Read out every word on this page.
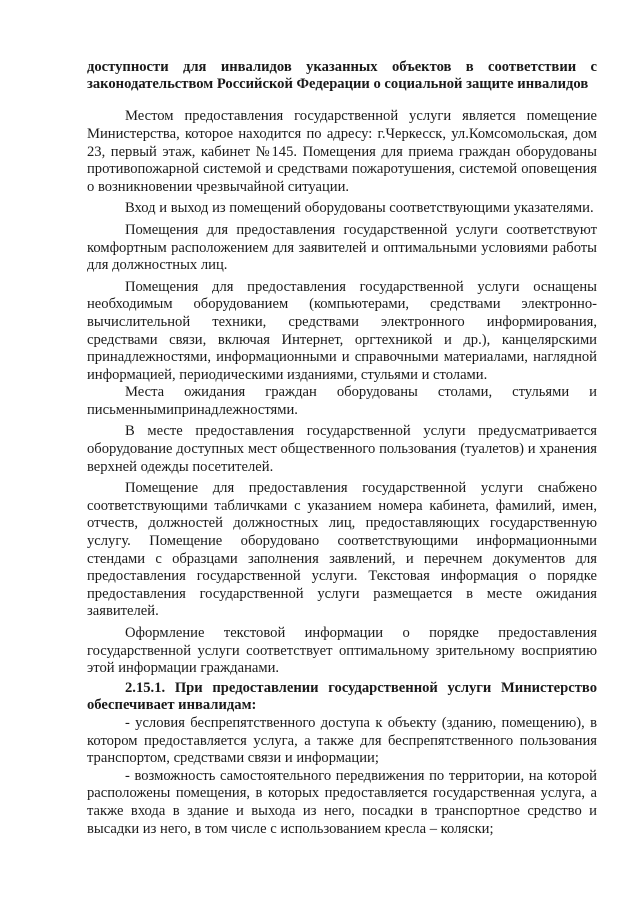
доступности для инвалидов указанных объектов в соответствии с законодательством Российской Федерации о социальной защите инвалидов

Местом предоставления государственной услуги является помещение Министерства, которое находится по адресу: г.Черкесск, ул.Комсомольская, дом 23, первый этаж, кабинет №145. Помещения для приема граждан оборудованы противопожарной системой и средствами пожаротушения, системой оповещения о возникновении чрезвычайной ситуации.

Вход и выход из помещений оборудованы соответствующими указателями.

Помещения для предоставления государственной услуги соответствуют комфортным расположением для заявителей и оптимальными условиями работы для должностных лиц.

Помещения для предоставления государственной услуги оснащены необходимым оборудованием (компьютерами, средствами электронно-вычислительной техники, средствами электронного информирования, средствами связи, включая Интернет, оргтехникой и др.), канцелярскими принадлежностями, информационными и справочными материалами, наглядной информацией, периодическими изданиями, стульями и столами.

Места ожидания граждан оборудованы столами, стульями и письменнымипринадлежностями.

В месте предоставления государственной услуги предусматривается оборудование доступных мест общественного пользования (туалетов) и хранения верхней одежды посетителей.

Помещение для предоставления государственной услуги снабжено соответствующими табличками с указанием номера кабинета, фамилий, имен, отчеств, должностей должностных лиц, предоставляющих государственную услугу. Помещение оборудовано соответствующими информационными стендами с образцами заполнения заявлений, и перечнем документов для предоставления государственной услуги. Текстовая информация о порядке предоставления государственной услуги размещается в месте ожидания заявителей.

Оформление текстовой информации о порядке предоставления государственной услуги соответствует оптимальному зрительному восприятию этой информации гражданами.

2.15.1. При предоставлении государственной услуги Министерство обеспечивает инвалидам:

- условия беспрепятственного доступа к объекту (зданию, помещению), в котором предоставляется услуга, а также для беспрепятственного пользования транспортом, средствами связи и информации;

- возможность самостоятельного передвижения по территории, на которой расположены помещения, в которых предоставляется государственная услуга, а также входа в здание и выхода из него, посадки в транспортное средство и высадки из него, в том числе с использованием кресла – коляски;
